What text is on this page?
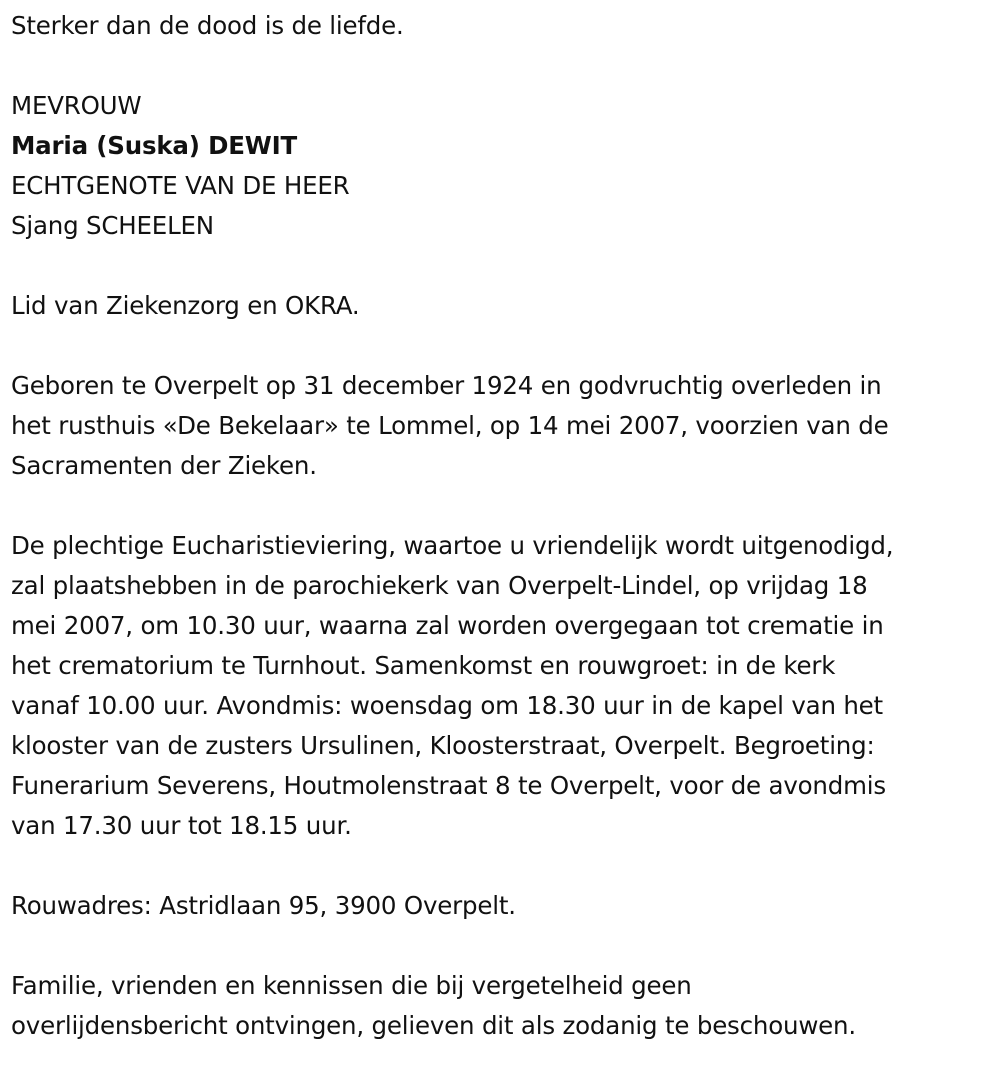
Sterker dan de dood is de liefde.
MEVROUW
Maria (Suska) DEWIT
ECHTGENOTE VAN DE HEER
Sjang SCHEELEN
Lid van Ziekenzorg en OKRA.
Geboren te Overpelt op 31 december 1924 en godvruchtig overleden in
het rusthuis «De Bekelaar» te Lommel, op 14 mei 2007, voorzien van de
Sacramenten der Zieken.
De plechtige Eucharistieviering, waartoe u vriendelijk wordt uitgenodigd,
zal plaatshebben in de parochiekerk van Overpelt-Lindel, op vrijdag 18
mei 2007, om 10.30 uur, waarna zal worden overgegaan tot crematie in
het crematorium te Turnhout. Samenkomst en rouwgroet: in de kerk
vanaf 10.00 uur. Avondmis: woensdag om 18.30 uur in de kapel van het
klooster van de zusters Ursulinen, Kloosterstraat, Overpelt. Begroeting:
Funerarium Severens, Houtmolenstraat 8 te Overpelt, voor de avondmis
van 17.30 uur tot 18.15 uur.
Rouwadres: Astridlaan 95, 3900 Overpelt.
Familie, vrienden en kennissen die bij vergetelheid geen
overlijdensbericht ontvingen, gelieven dit als zodanig te beschouwen.
